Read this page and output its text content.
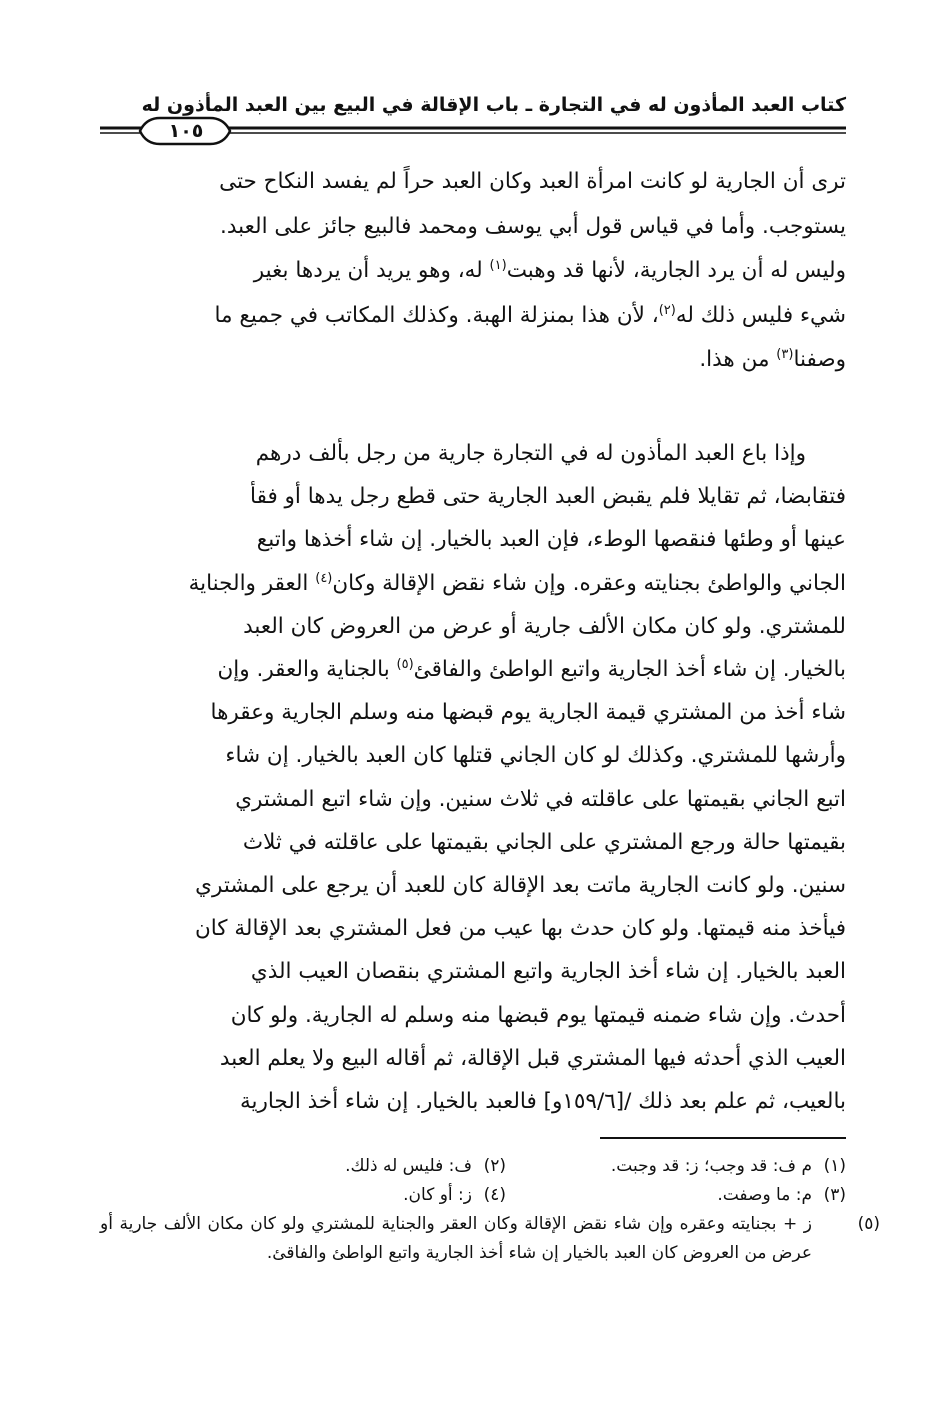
كتاب العبد المأذون له في التجارة ـ باب الإقالة في البيع بين العبد المأذون له
١٠٥
ترى أن الجارية لو كانت امرأة العبد وكان العبد حراً لم يفسد النكاح حتى
يستوجب. وأما في قياس قول أبي يوسف ومحمد فالبيع جائز على العبد.
وليس له أن يرد الجارية، لأنها قد وهبت$^{(١)}$ له، وهو يريد أن يردها بغير
شيء فليس ذلك له$^{(٢)}$، لأن هذا بمنزلة الهبة. وكذلك المكاتب في جميع ما
وصفنا$^{(٣)}$ من هذا.
وإذا باع العبد المأذون له في التجارة جارية من رجل بألف درهم
فتقابضا، ثم تقايلا فلم يقبض العبد الجارية حتى قطع رجل يدها أو فقأ
عينها أو وطئها فنقصها الوطء، فإن العبد بالخيار. إن شاء أخذها واتبع
الجاني والواطئ بجنايته وعقره. وإن شاء نقض الإقالة وكان$^{(٤)}$ العقر والجناية
للمشتري. ولو كان مكان الألف جارية أو عرض من العروض كان العبد
بالخيار. إن شاء أخذ الجارية واتبع الواطئ والفاقئ$^{(٥)}$ بالجناية والعقر. وإن
شاء أخذ من المشتري قيمة الجارية يوم قبضها منه وسلم الجارية وعقرها
وأرشها للمشتري. وكذلك لو كان الجاني قتلها كان العبد بالخيار. إن شاء
اتبع الجاني بقيمتها على عاقلته في ثلاث سنين. وإن شاء اتبع المشتري
بقيمتها حالة ورجع المشتري على الجاني بقيمتها على عاقلته في ثلاث
سنين. ولو كانت الجارية ماتت بعد الإقالة كان للعبد أن يرجع على المشتري
فيأخذ منه قيمتها. ولو كان حدث بها عيب من فعل المشتري بعد الإقالة كان
العبد بالخيار. إن شاء أخذ الجارية واتبع المشتري بنقصان العيب الذي
أحدث. وإن شاء ضمنه قيمتها يوم قبضها منه وسلم له الجارية. ولو كان
العيب الذي أحدثه فيها المشتري قبل الإقالة، ثم أقاله البيع ولا يعلم العبد
بالعيب، ثم علم بعد ذلك /[١٥٩/٦و] فالعبد بالخيار. إن شاء أخذ الجارية
(١)م ف: قد وجب؛ ز: قد وجبت.
(٢)ف: فليس له ذلك.
(٣)م: ما وصفت.
(٤)ز: أو كان.
(٥)ز + بجنايته وعقره وإن شاء نقض الإقالة وكان العقر والجناية للمشتري ولو كان مكان الألف جارية أو عرض من العروض كان العبد بالخيار إن شاء أخذ الجارية واتبع الواطئ والفاقئ.
